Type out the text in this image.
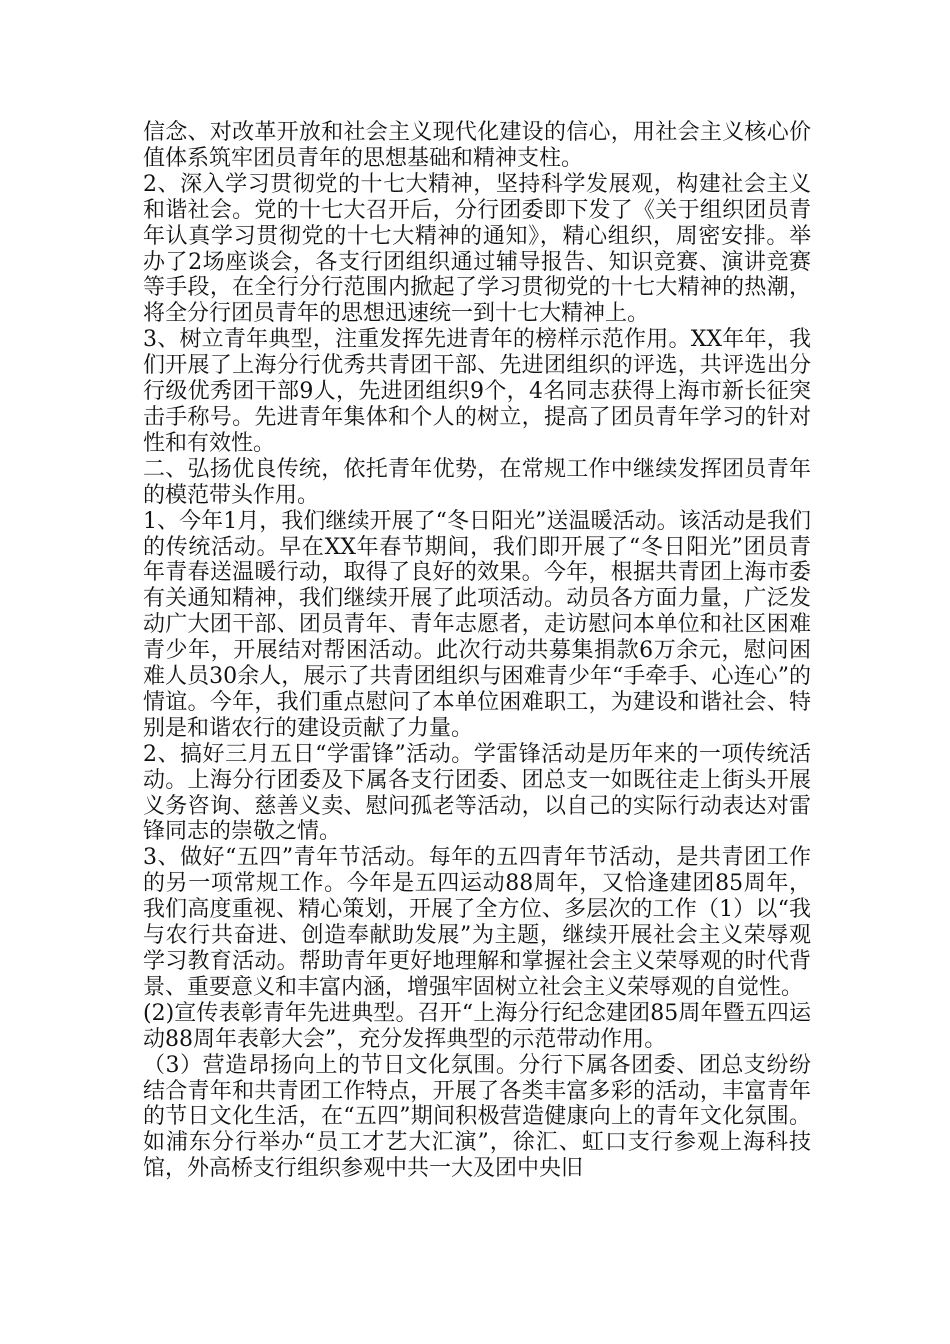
信念、对改革开放和社会主义现代化建设的信心，用社会主义核心价值体系筑牢团员青年的思想基础和精神支柱。

2、深入学习贯彻党的十七大精神，坚持科学发展观，构建社会主义和谐社会。党的十七大召开后，分行团委即下发了《关于组织团员青年认真学习贯彻党的十七大精神的通知》，精心组织，周密安排。举办了2场座谈会，各支行团组织通过辅导报告、知识竞赛、演讲竞赛等手段，在全行分行范围内掀起了学习贯彻党的十七大精神的热潮，将全分行团员青年的思想迅速统一到十七大精神上。

3、树立青年典型，注重发挥先进青年的榜样示范作用。XX年年，我们开展了上海分行优秀共青团干部、先进团组织的评选，共评选出分行级优秀团干部9人，先进团组织9个，4名同志获得上海市新长征突击手称号。先进青年集体和个人的树立，提高了团员青年学习的针对性和有效性。

二、弘扬优良传统，依托青年优势，在常规工作中继续发挥团员青年的模范带头作用。

1、今年1月，我们继续开展了“冬日阳光”送温暖活动。该活动是我们的传统活动。早在XX年春节期间，我们即开展了“冬日阳光”团员青年青春送温暖行动，取得了良好的效果。今年，根据共青团上海市委有关通知精神，我们继续开展了此项活动。动员各方面力量，广泛发动广大团干部、团员青年、青年志愿者，走访慰问本单位和社区困难青少年，开展结对帮困活动。此次行动共募集捐款6万余元，慰问困难人员30余人，展示了共青团组织与困难青少年“手牵手、心连心”的情谊。今年，我们重点慰问了本单位困难职工，为建设和谐社会、特别是和谐农行的建设贡献了力量。

2、搞好三月五日“学雷锋”活动。学雷锋活动是历年来的一项传统活动。上海分行团委及下属各支行团委、团总支一如既往走上街头开展义务咨询、慈善义卖、慰问孤老等活动，以自己的实际行动表达对雷锋同志的崇敬之情。

3、做好“五四”青年节活动。每年的五四青年节活动，是共青团工作的另一项常规工作。今年是五四运动88周年，又恰逢建团85周年，我们高度重视、精心策划，开展了全方位、多层次的工作（1）以“我与农行共奋进、创造奉献助发展”为主题，继续开展社会主义荣辱观学习教育活动。帮助青年更好地理解和掌握社会主义荣辱观的时代背景、重要意义和丰富内涵，增强牢固树立社会主义荣辱观的自觉性。

(2)宣传表彰青年先进典型。召开“上海分行纪念建团85周年暨五四运动88周年表彰大会”，充分发挥典型的示范带动作用。

（3）营造昂扬向上的节日文化氛围。分行下属各团委、团总支纷纷结合青年和共青团工作特点，开展了各类丰富多彩的活动，丰富青年的节日文化生活，在“五四”期间积极营造健康向上的青年文化氛围。如浦东分行举办“员工才艺大汇演”，徐汇、虹口支行参观上海科技馆，外高桥支行组织参观中共一大及团中央旧
